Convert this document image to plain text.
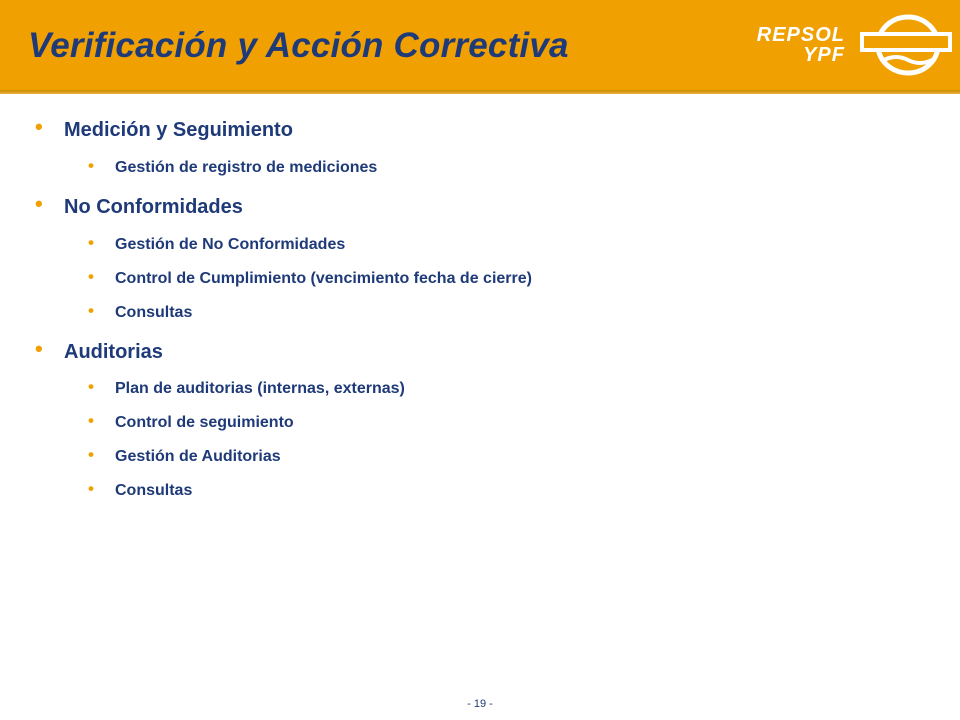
Verificación y Acción Correctiva	REPSOL
YPF
• Medición y Seguimiento
• Gestión de registro de mediciones
• No Conformidades
• Gestión de No Conformidades
• Control de Cumplimiento (vencimiento fecha de cierre)
• Consultas
• Auditorias
• Plan de auditorias (internas, externas)
• Control de seguimiento
• Gestión de Auditorias
• Consultas
- 19 -
